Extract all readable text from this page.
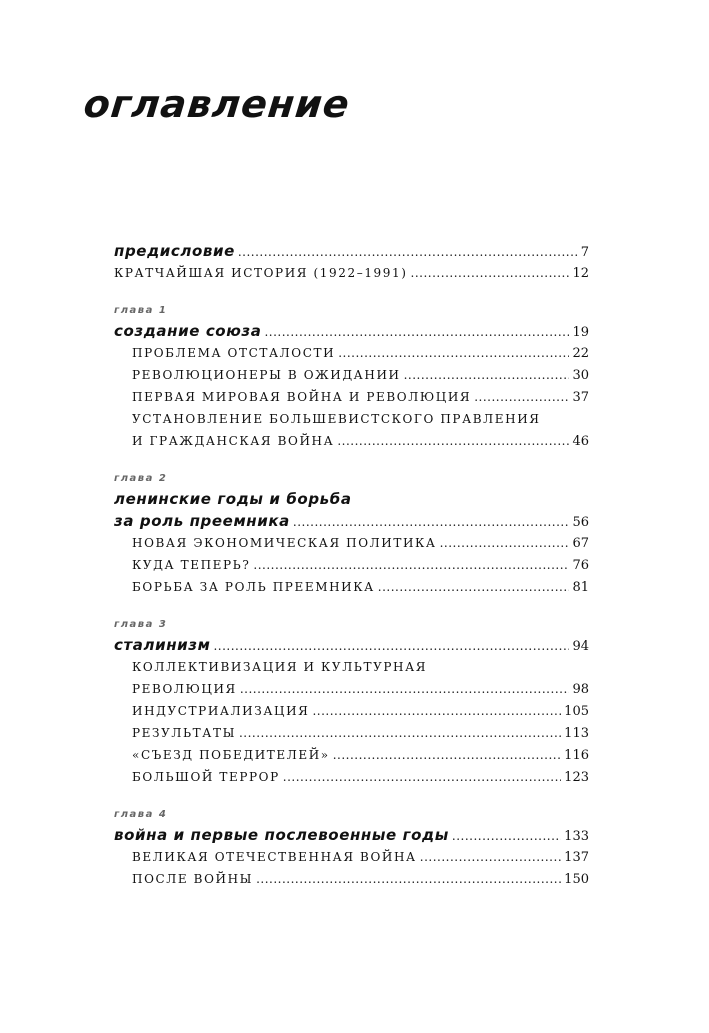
оглавление
предисловие .....	7
КРАТЧАЙШАЯ ИСТОРИЯ (1922–1991) .....	12
глава 1
создание союза .....	19
ПРОБЛЕМА ОТСТАЛОСТИ .....	22
РЕВОЛЮЦИОНЕРЫ В ОЖИДАНИИ .....	30
ПЕРВАЯ МИРОВАЯ ВОЙНА И РЕВОЛЮЦИЯ .....	37
УСТАНОВЛЕНИЕ БОЛЬШЕВИСТСКОГО ПРАВЛЕНИЯ
И ГРАЖДАНСКАЯ ВОЙНА .....	46
глава 2
ленинские годы и борьба
за роль преемника .....	56
НОВАЯ ЭКОНОМИЧЕСКАЯ ПОЛИТИКА .....	67
КУДА ТЕПЕРЬ? .....	76
БОРЬБА ЗА РОЛЬ ПРЕЕМНИКА .....	81
глава 3
сталинизм .....	94
КОЛЛЕКТИВИЗАЦИЯ И КУЛЬТУРНАЯ
РЕВОЛЮЦИЯ .....	98
ИНДУСТРИАЛИЗАЦИЯ .....	105
РЕЗУЛЬТАТЫ .....	113
«СЪЕЗД ПОБЕДИТЕЛЕЙ» .....	116
БОЛЬШОЙ ТЕРРОР .....	123
глава 4
война и первые послевоенные годы .....	133
ВЕЛИКАЯ ОТЕЧЕСТВЕННАЯ ВОЙНА .....	137
ПОСЛЕ ВОЙНЫ .....	150
